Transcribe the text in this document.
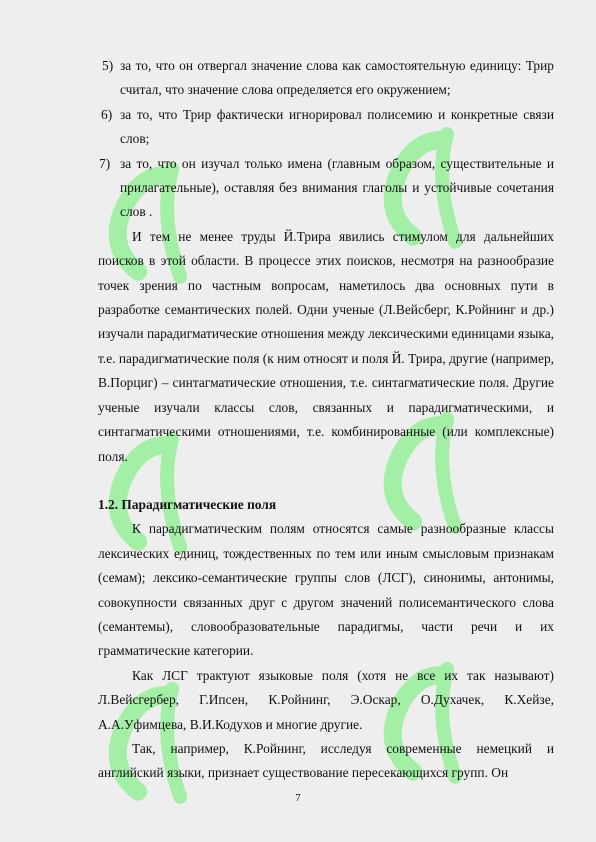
5) за то, что он отвергал значение слова как самостоятельную единицу: Трир считал, что значение слова определяется его окружением;
6) за то, что Трир фактически игнорировал полисемию и конкретные связи слов;
7) за то, что он изучал только имена (главным образом, существительные и прилагательные), оставляя без внимания глаголы и устойчивые сочетания слов .

И тем не менее труды Й.Трира явились стимулом для дальнейших поисков в этой области. В процессе этих поисков, несмотря на разнообразие точек зрения по частным вопросам, наметилось два основных пути в разработке семантических полей. Одни ученые (Л.Вейсберг, К.Ройнинг и др.) изучали парадигматические отношения между лексическими единицами языка, т.е. парадигматические поля (к ним относят и поля Й. Трира, другие (например, В.Порциг) – синтагматические отношения, т.е. синтагматические поля. Другие ученые изучали классы слов, связанных и парадигматическими, и синтагматическими отношениями, т.е. комбинированные (или комплексные) поля.

1.2. Парадигматические поля

К парадигматическим полям относятся самые разнообразные классы лексических единиц, тождественных по тем или иным смысловым признакам (семам); лексико-семантические группы слов (ЛСГ), синонимы, антонимы, совокупности связанных друг с другом значений полисемантического слова (семантемы), словообразовательные парадигмы, части речи и их грамматические категории.

Как ЛСГ трактуют языковые поля (хотя не все их так называют) Л.Вейсгербер, Г.Ипсен, К.Ройнинг, Э.Оскар, О.Духачек, К.Хейзе, А.А.Уфимцева, В.И.Кодухов и многие другие.

Так, например, К.Ройнинг, исследуя современные немецкий и английский языки, признает существование пересекающихся групп. Он

7
